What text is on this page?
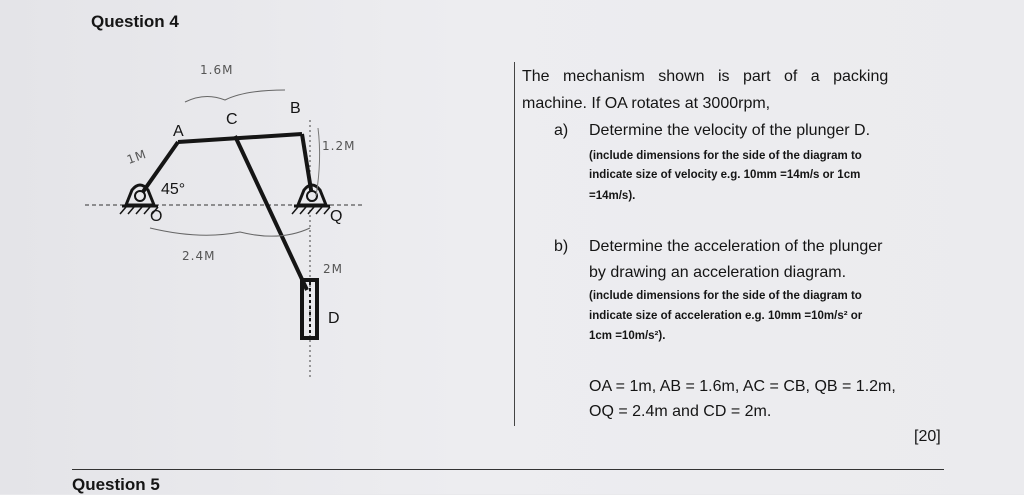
Question 4
A
B
C
D
O	Q
45°
1.6M
1M
1.2M
2.4M
2M
The mechanism shown is part of a packing
machine. If OA rotates at 3000rpm,
a) Determine the velocity of the plunger D.
(include dimensions for the side of the diagram to
indicate size of velocity e.g. 10mm =14m/s or 1cm
=14m/s).
b) Determine the acceleration of the plunger
by drawing an acceleration diagram.
(include dimensions for the side of the diagram to
indicate size of acceleration e.g. 10mm =10m/s² or
1cm =10m/s²).
OA = 1m, AB = 1.6m, AC = CB, QB = 1.2m,
OQ = 2.4m and CD = 2m.
[20]
Question 5
